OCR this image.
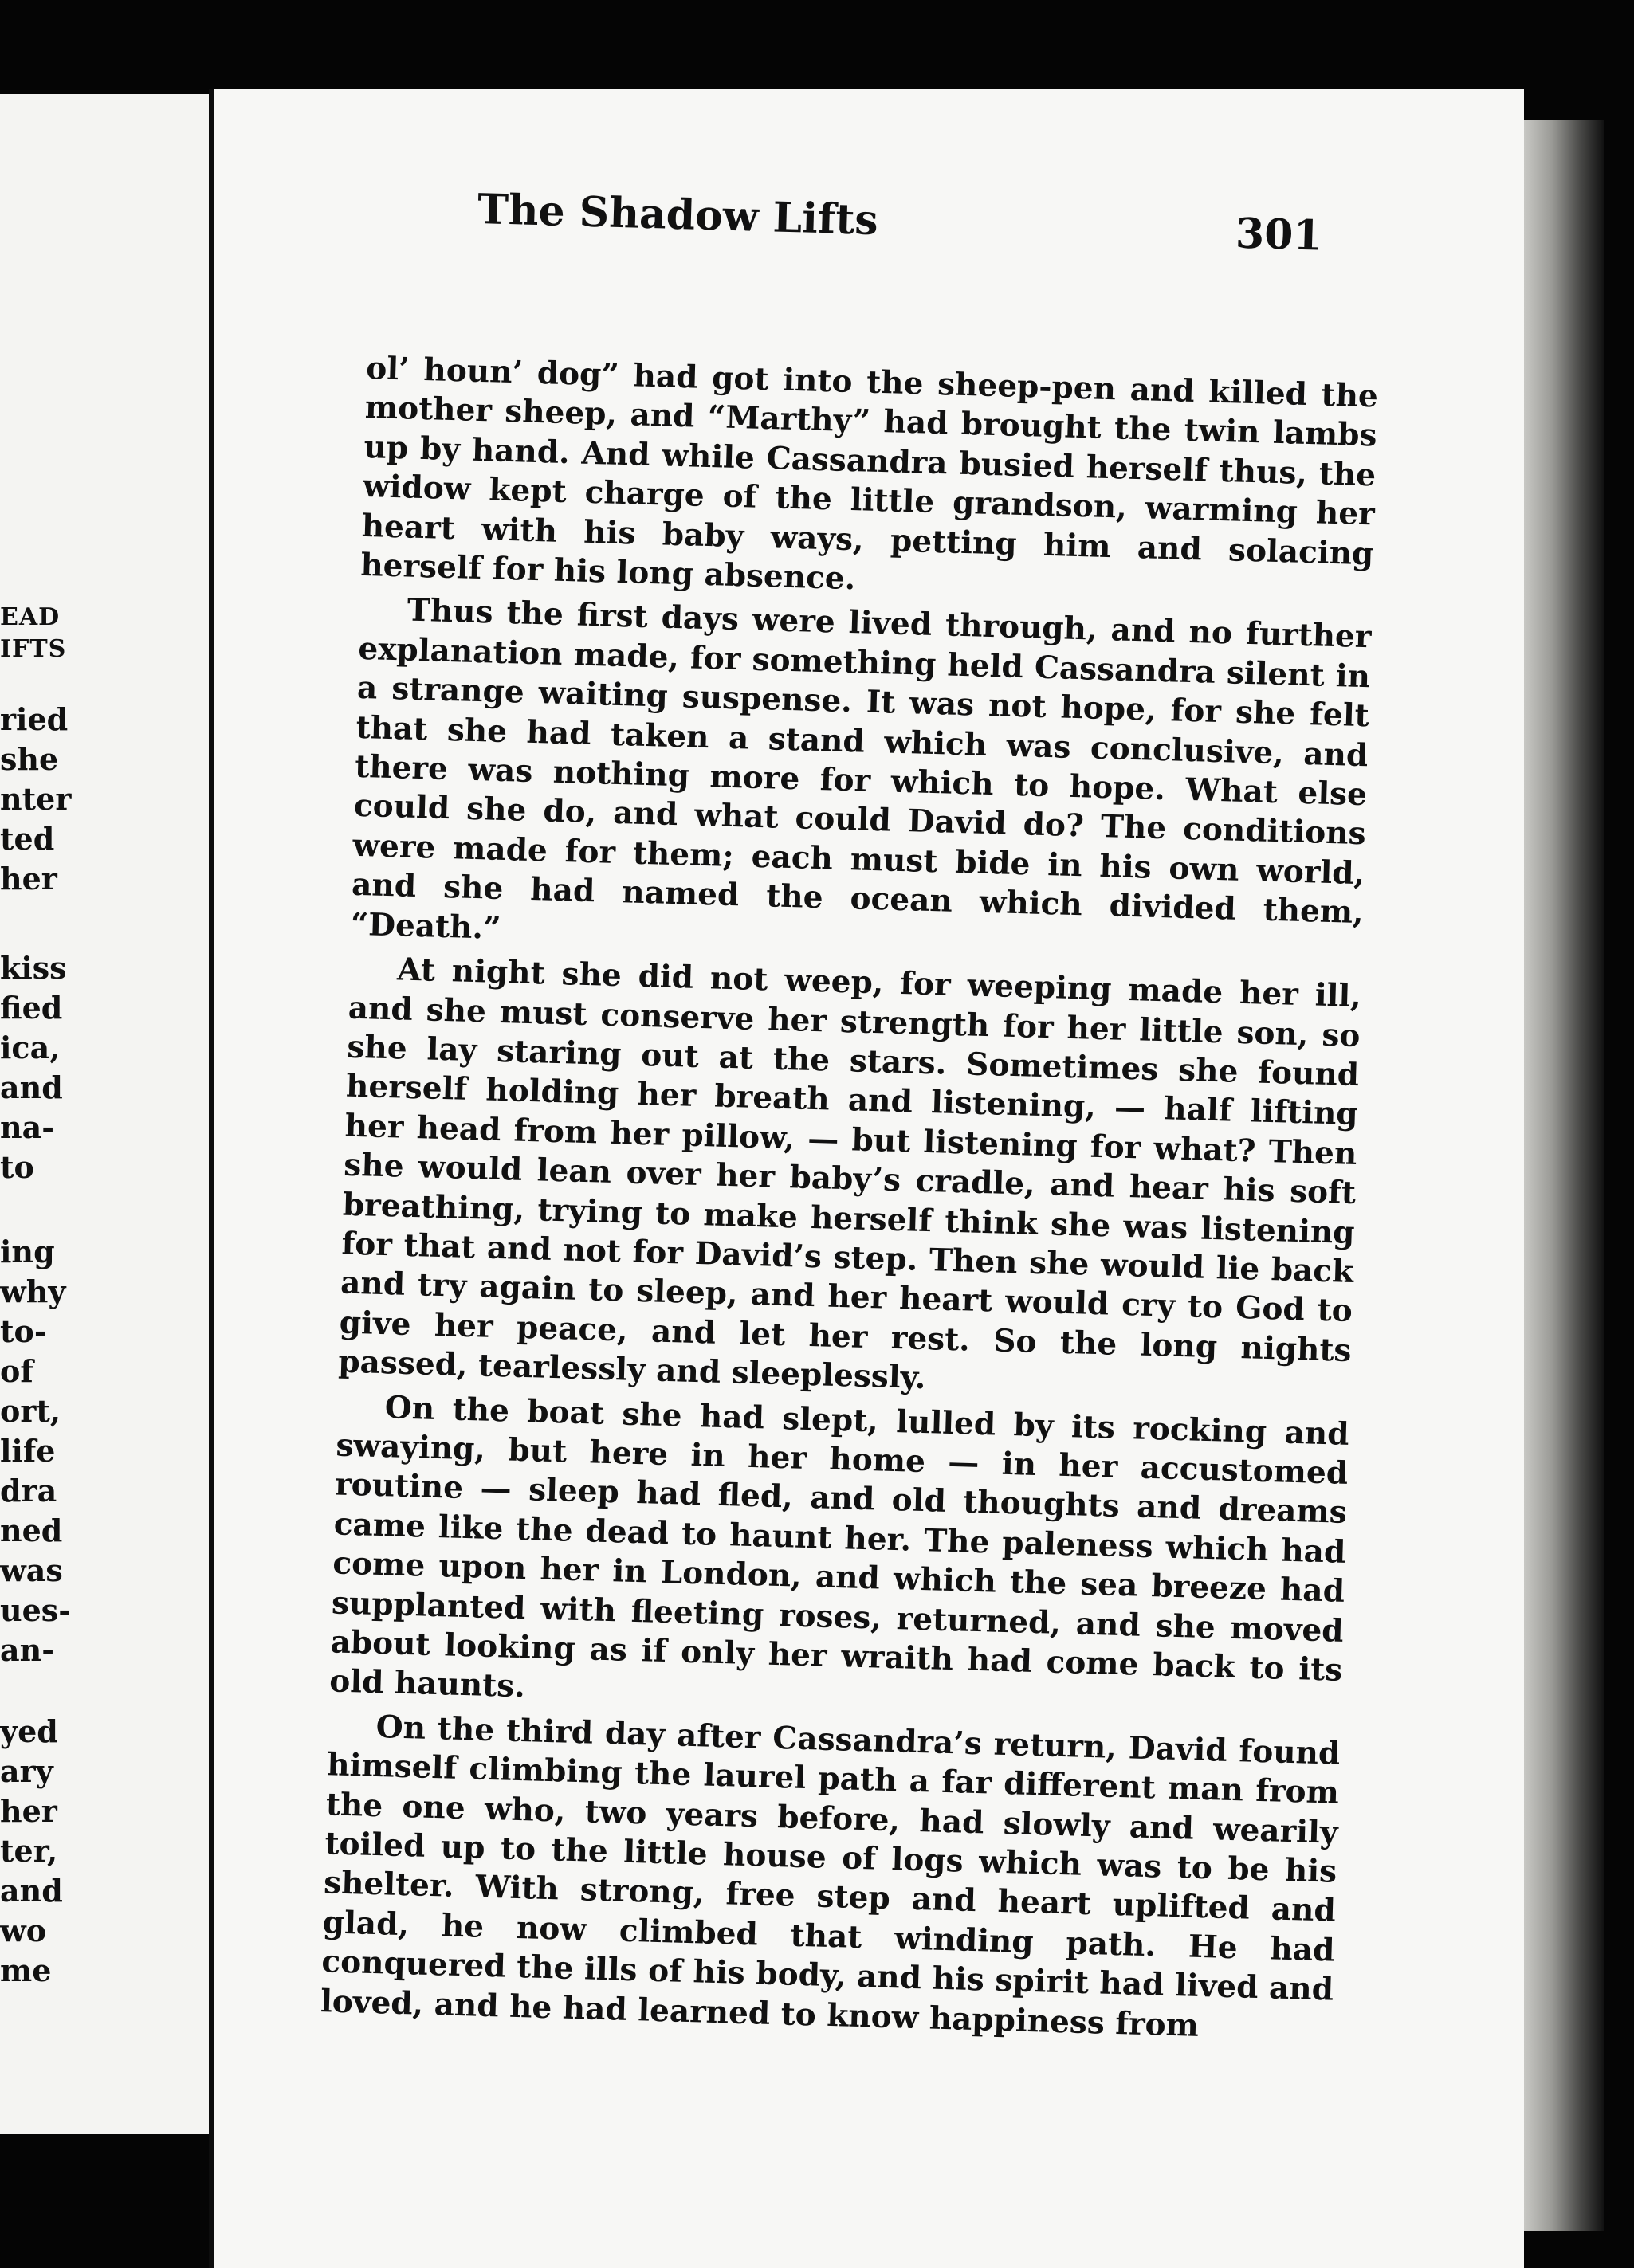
EAD
IFTS
ried
she
nter
ted
her
kiss
fied
ica,
and
na-
to
ing
why
to-
of
ort,
life
dra
ned
was
ues-
an-
yed
ary
her
ter,
and
wo
me
The Shadow Lifts	301

ol’ houn’ dog” had got into the sheep-pen and killed the mother sheep, and “Marthy” had brought the twin lambs up by hand. And while Cassandra busied herself thus, the widow kept charge of the little grandson, warming her heart with his baby ways, petting him and solacing herself for his long absence.

Thus the first days were lived through, and no further explanation made, for something held Cassandra silent in a strange waiting suspense. It was not hope, for she felt that she had taken a stand which was conclusive, and there was nothing more for which to hope. What else could she do, and what could David do? The conditions were made for them; each must bide in his own world, and she had named the ocean which divided them, “Death.”

At night she did not weep, for weeping made her ill, and she must conserve her strength for her little son, so she lay staring out at the stars. Sometimes she found herself holding her breath and listening, — half lifting her head from her pillow, — but listening for what? Then she would lean over her baby’s cradle, and hear his soft breathing, trying to make herself think she was listening for that and not for David’s step. Then she would lie back and try again to sleep, and her heart would cry to God to give her peace, and let her rest. So the long nights passed, tearlessly and sleeplessly.

On the boat she had slept, lulled by its rocking and swaying, but here in her home — in her accustomed routine — sleep had fled, and old thoughts and dreams came like the dead to haunt her. The paleness which had come upon her in London, and which the sea breeze had supplanted with fleeting roses, returned, and she moved about looking as if only her wraith had come back to its old haunts.

On the third day after Cassandra’s return, David found himself climbing the laurel path a far different man from the one who, two years before, had slowly and wearily toiled up to the little house of logs which was to be his shelter. With strong, free step and heart uplifted and glad, he now climbed that winding path. He had conquered the ills of his body, and his spirit had lived and loved, and he had learned to know happiness from
